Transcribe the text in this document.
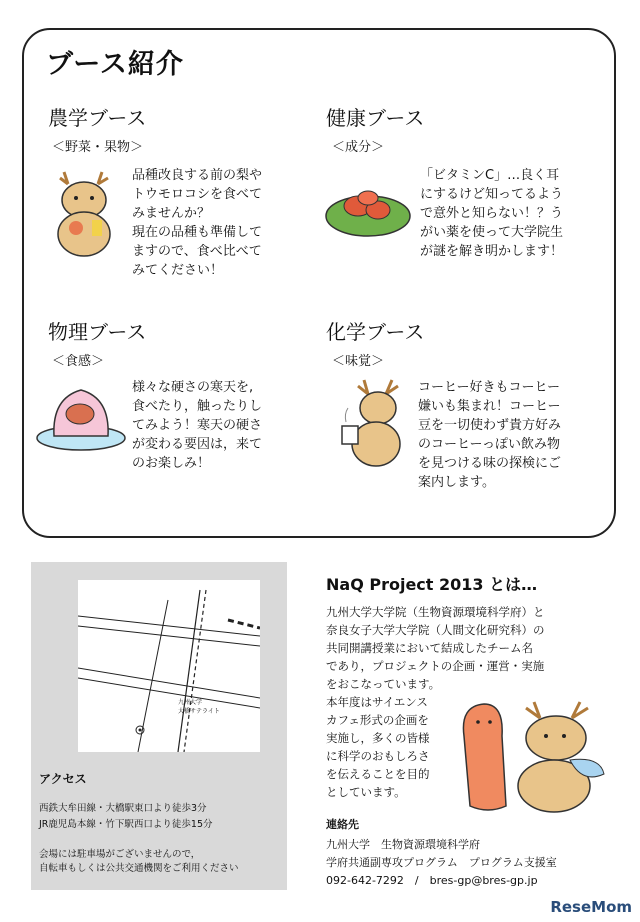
ブース紹介
農学ブース
＜野菜・果物＞
品種改良する前の梨や
トウモロコシを食べて
みませんか？
現在の品種も準備して
ますので、食べ比べて
みてください！
健康ブース
＜成分＞
「ビタミンC」…良く耳
にするけど知ってるよう
で意外と知らない！？う
がい薬を使って大学院生
が謎を解き明かします！
物理ブース
＜食感＞
様々な硬さの寒天を,
食べたり，触ったりし
てみよう！寒天の硬さ
が変わる要因は，来て
のお楽しみ！
化学ブース
＜味覚＞
コーヒー好きもコーヒー
嫌いも集まれ！コーヒー
豆を一切使わず貴方好み
のコーヒーっぽい飲み物
を見つける味の探検にご
案内します。
九州大学
大橋サテライト
アクセス
西鉄大牟田線・大橋駅東口より徒歩3分
JR鹿児島本線・竹下駅西口より徒歩15分
会場には駐車場がございませんので，
自転車もしくは公共交通機関をご利用ください
NaQ Project 2013 とは…
九州大学大学院（生物資源環境科学府）と
奈良女子大学大学院（人間文化研究科）の
共同開講授業において結成したチーム名
であり，プロジェクトの企画・運営・実施
をおこなっています。
本年度はサイエンス
カフェ形式の企画を
実施し，多くの皆様
に科学のおもしろさ
を伝えることを目的
としています。
連絡先
九州大学　生物資源環境科学府
学府共通副専攻プログラム　プログラム支援室
092-642-7292　/　bres-gp@bres-gp.jp
ReseMom
